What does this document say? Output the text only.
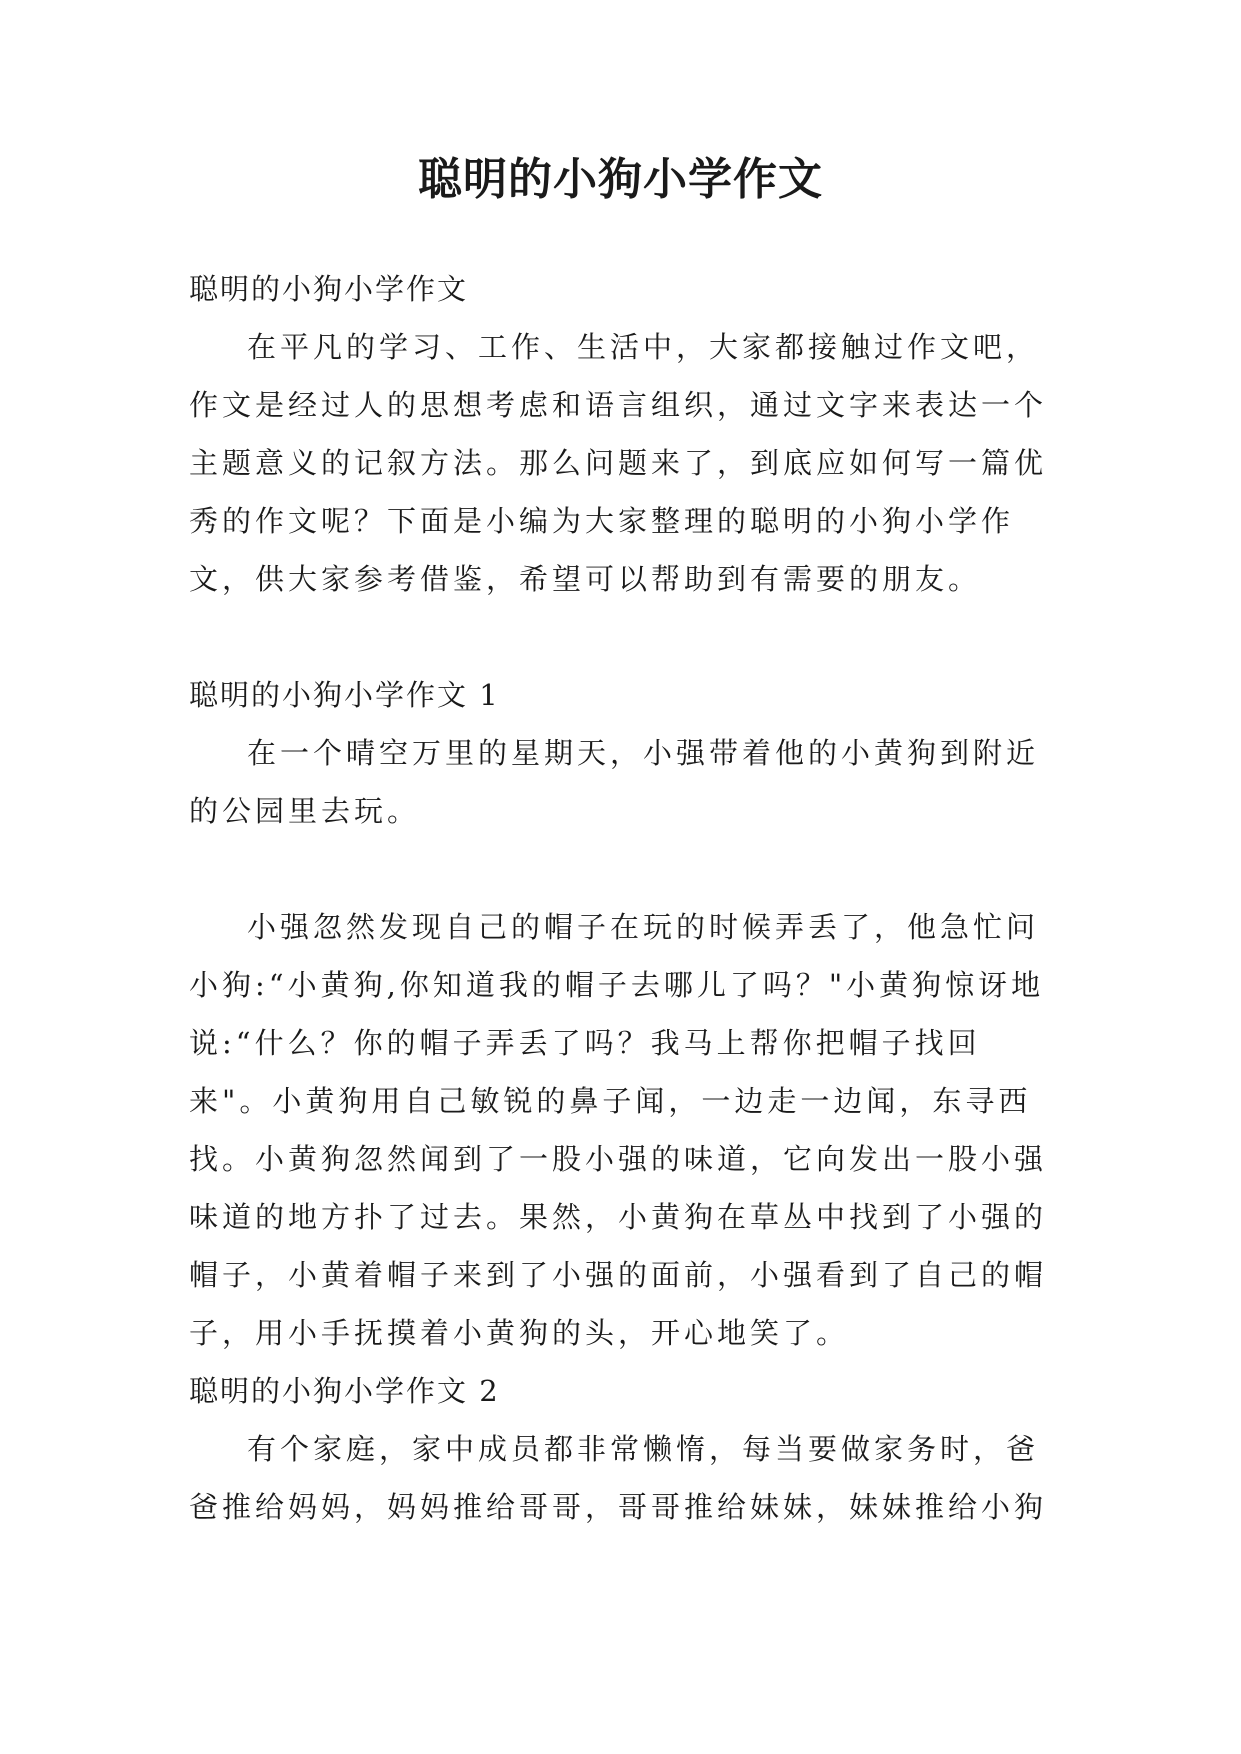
聪明的小狗小学作文

聪明的小狗小学作文

在平凡的学习、工作、生活中，大家都接触过作文吧，作文是经过人的思想考虑和语言组织，通过文字来表达一个主题意义的记叙方法。那么问题来了，到底应如何写一篇优秀的作文呢？下面是小编为大家整理的聪明的小狗小学作文，供大家参考借鉴，希望可以帮助到有需要的朋友。

聪明的小狗小学作文 1

在一个晴空万里的星期天，小强带着他的小黄狗到附近的公园里去玩。

小强忽然发现自己的帽子在玩的时候弄丢了，他急忙问小狗:“小黄狗,你知道我的帽子去哪儿了吗？"小黄狗惊讶地说:“什么？你的帽子弄丢了吗？我马上帮你把帽子找回来"。小黄狗用自己敏锐的鼻子闻，一边走一边闻，东寻西找。小黄狗忽然闻到了一股小强的味道，它向发出一股小强味道的地方扑了过去。果然，小黄狗在草丛中找到了小强的帽子，小黄着帽子来到了小强的面前，小强看到了自己的帽子，用小手抚摸着小黄狗的头，开心地笑了。

聪明的小狗小学作文 2

有个家庭，家中成员都非常懒惰，每当要做家务时，爸爸推给妈妈，妈妈推给哥哥，哥哥推给妹妹，妹妹推给小狗
